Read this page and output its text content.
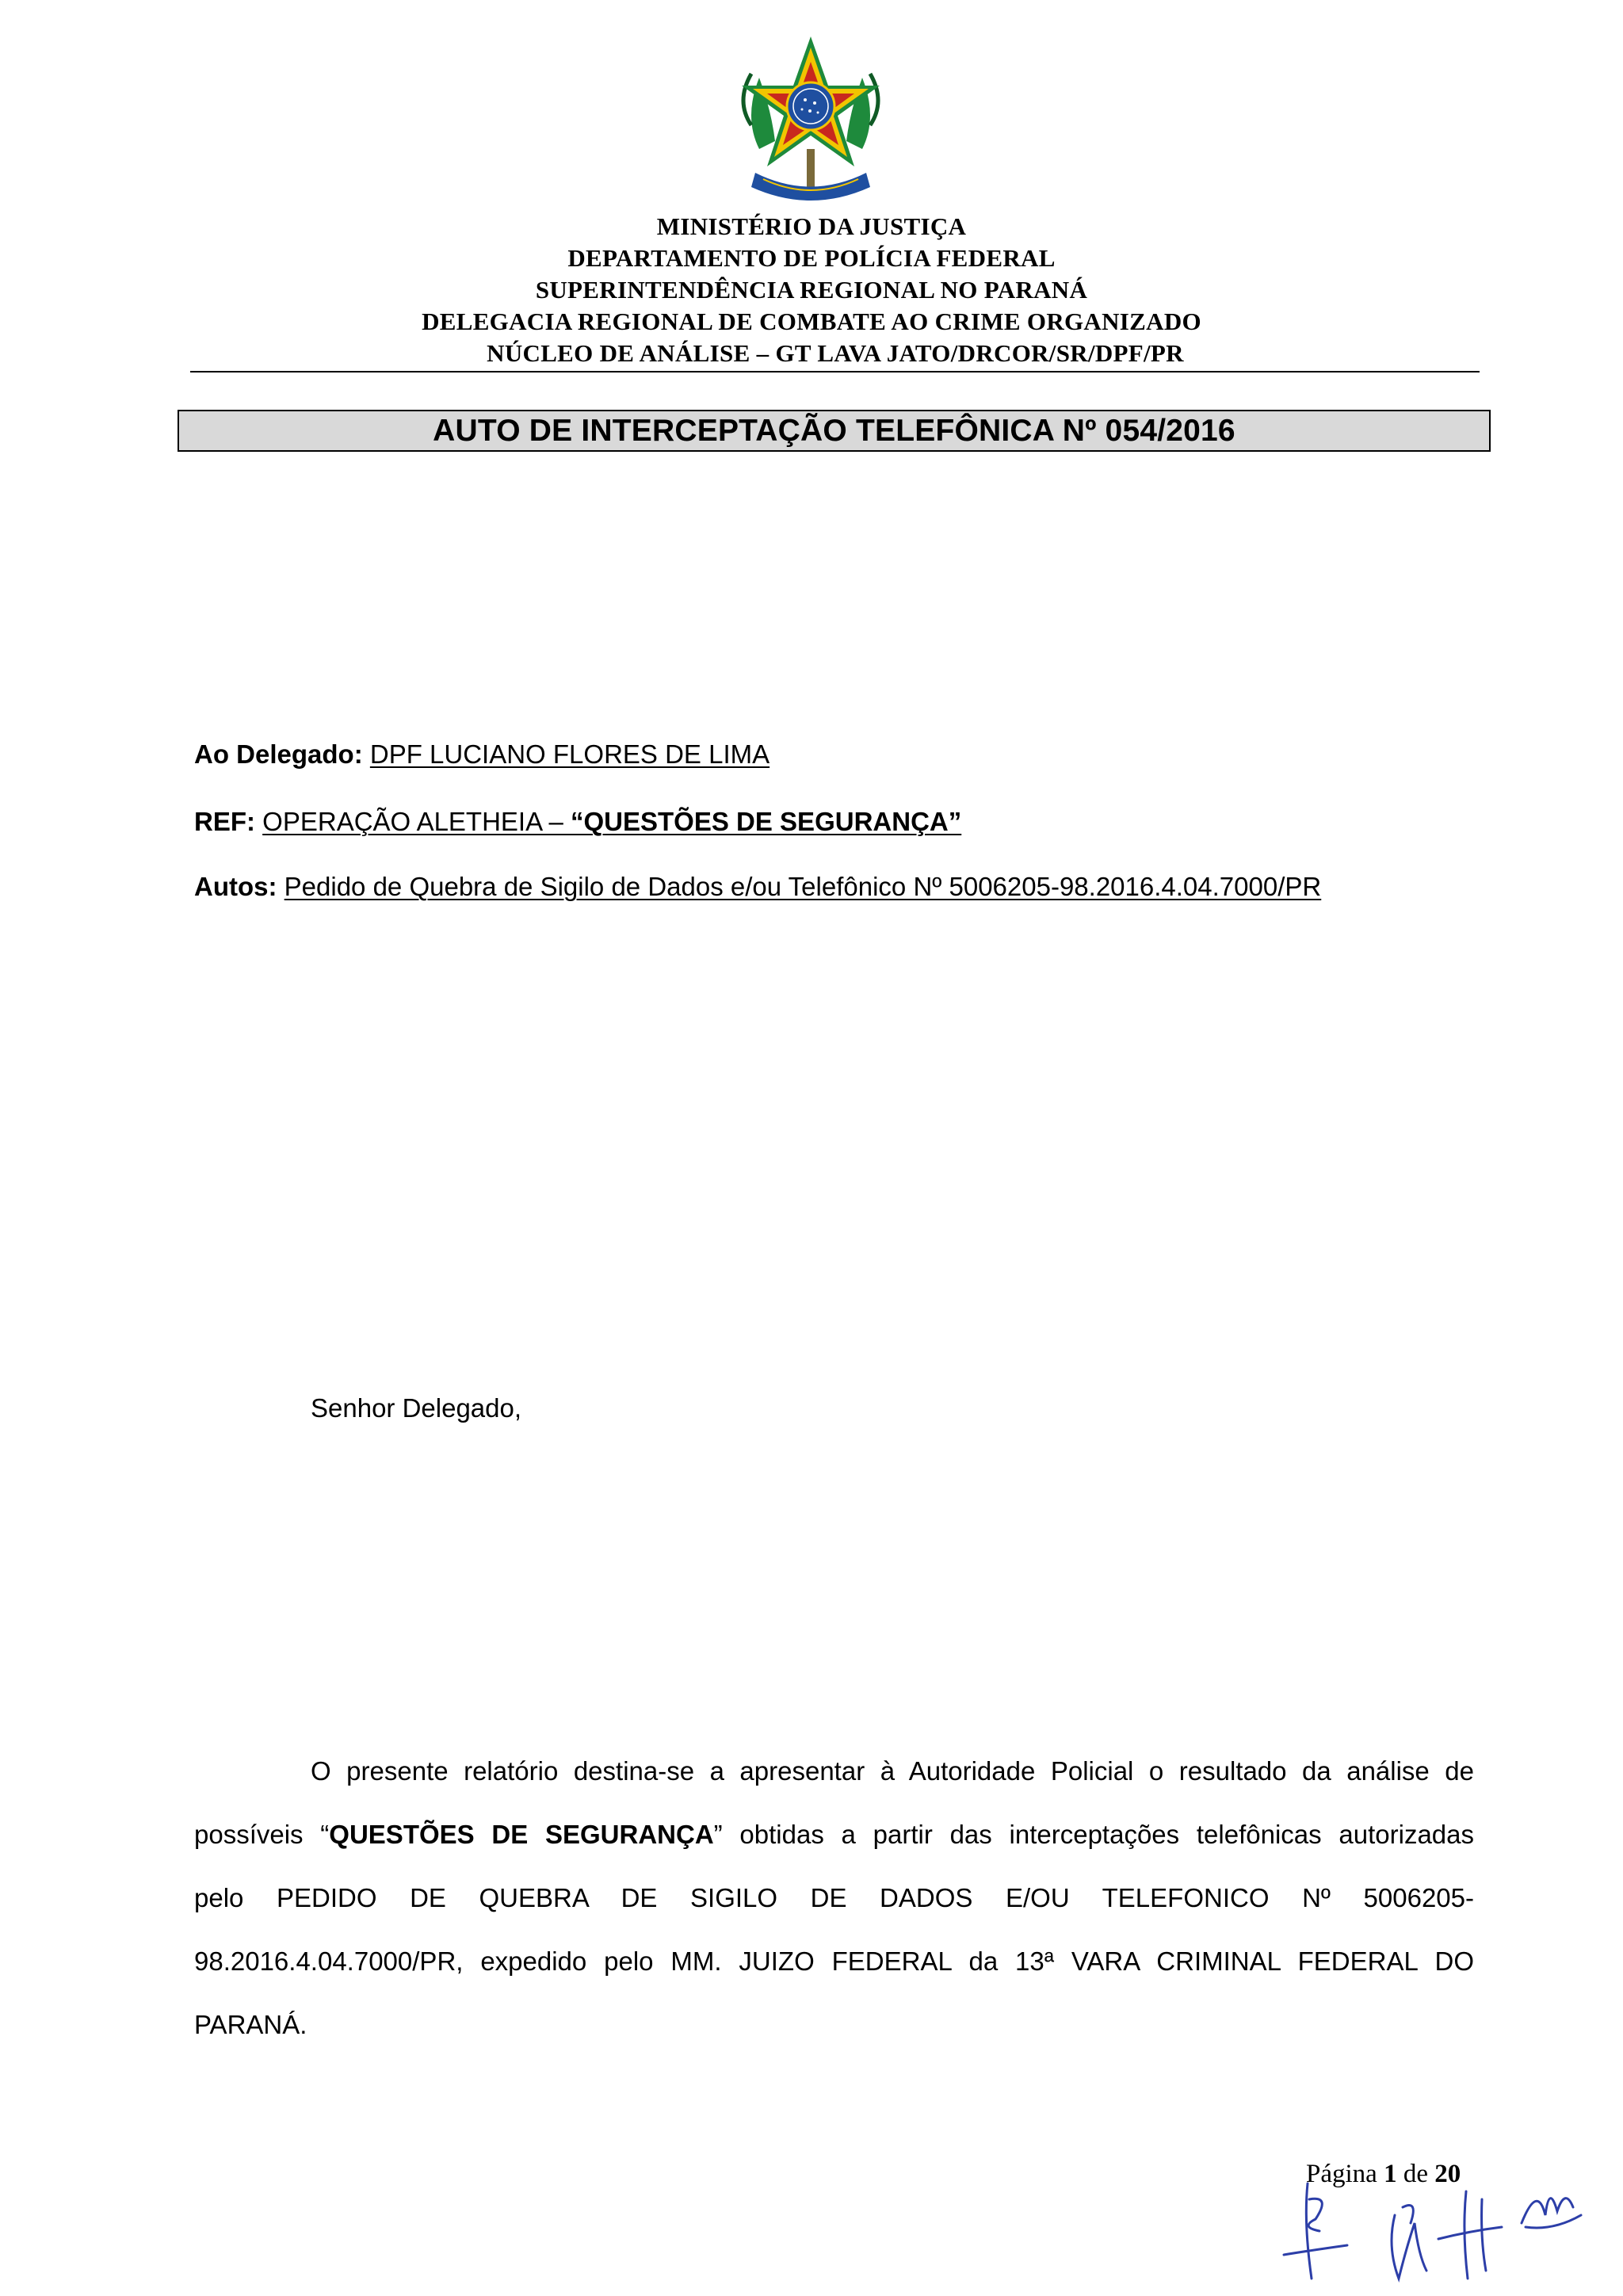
MINISTÉRIO DA JUSTIÇA
DEPARTAMENTO DE POLÍCIA FEDERAL
SUPERINTENDÊNCIA REGIONAL NO PARANÁ
DELEGACIA REGIONAL DE COMBATE AO CRIME ORGANIZADO
NÚCLEO DE ANÁLISE – GT LAVA JATO/DRCOR/SR/DPF/PR
AUTO DE INTERCEPTAÇÃO TELEFÔNICA Nº 054/2016
Ao Delegado: DPF LUCIANO FLORES DE LIMA
REF: OPERAÇÃO ALETHEIA – “QUESTÕES DE SEGURANÇA”
Autos: Pedido de Quebra de Sigilo de Dados e/ou Telefônico Nº 5006205-98.2016.4.04.7000/PR
Senhor Delegado,
O presente relatório destina-se a apresentar à Autoridade Policial o resultado da análise de
possíveis “QUESTÕES DE SEGURANÇA” obtidas a partir das interceptações telefônicas autorizadas
pelo PEDIDO DE QUEBRA DE SIGILO DE DADOS E/OU TELEFONICO Nº 5006205-
98.2016.4.04.7000/PR, expedido pelo MM. JUIZO FEDERAL da 13ª VARA CRIMINAL FEDERAL DO
PARANÁ.
Página 1 de 20
